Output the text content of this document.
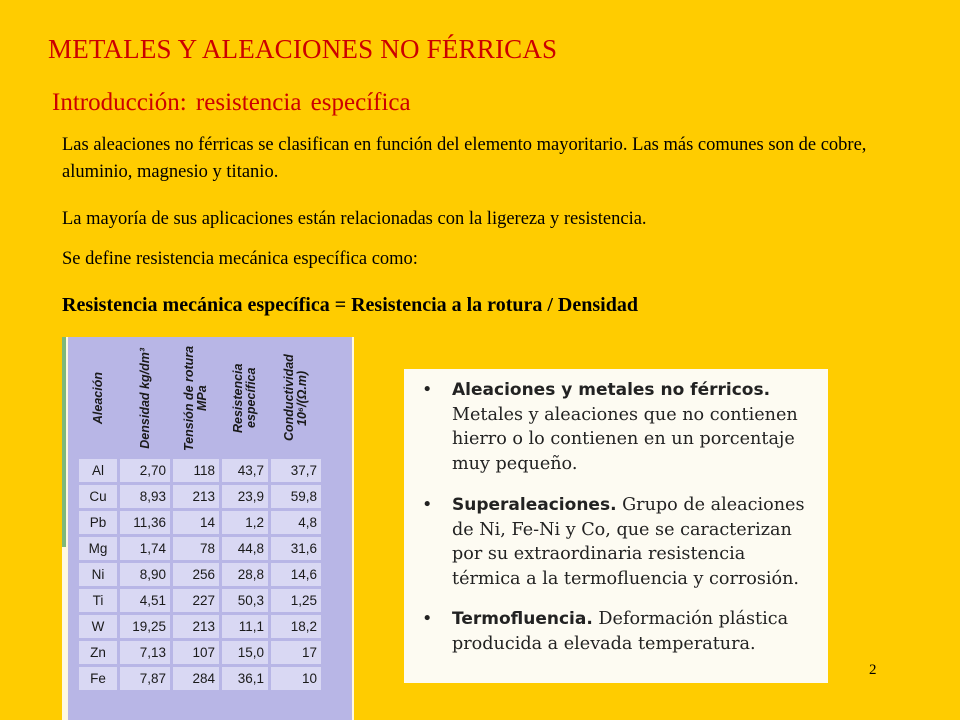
METALES Y ALEACIONES NO FÉRRICAS
Introducción: resistencia específica
Las aleaciones no férricas se clasifican en función del elemento mayoritario. Las más comunes son de cobre, aluminio, magnesio y titanio.
La mayoría de sus aplicaciones están relacionadas con la ligereza y resistencia.
Se define resistencia mecánica específica como:
Resistencia mecánica específica = Resistencia a la rotura / Densidad
Aleación	Densidad kg/dm³	Tensión de rotura MPa	Resistencia específica	Conductividad 10⁶/(Ω.m)

Al	2,70	118	43,7	37,7
Cu	8,93	213	23,9	59,8
Pb	11,36	14	1,2	4,8
Mg	1,74	78	44,8	31,6
Ni	8,90	256	28,8	14,6
Ti	4,51	227	50,3	1,25
W	19,25	213	11,1	18,2
Zn	7,13	107	15,0	17
Fe	7,87	284	36,1	10
• Aleaciones y metales no férricos. Metales y aleaciones que no contienen hierro o lo contienen en un porcentaje muy pequeño.
• Superaleaciones. Grupo de aleaciones de Ni, Fe-Ni y Co, que se caracterizan por su extraordinaria resistencia térmica a la termofluencia y corrosión.
• Termofluencia. Deformación plástica producida a elevada temperatura.
2
